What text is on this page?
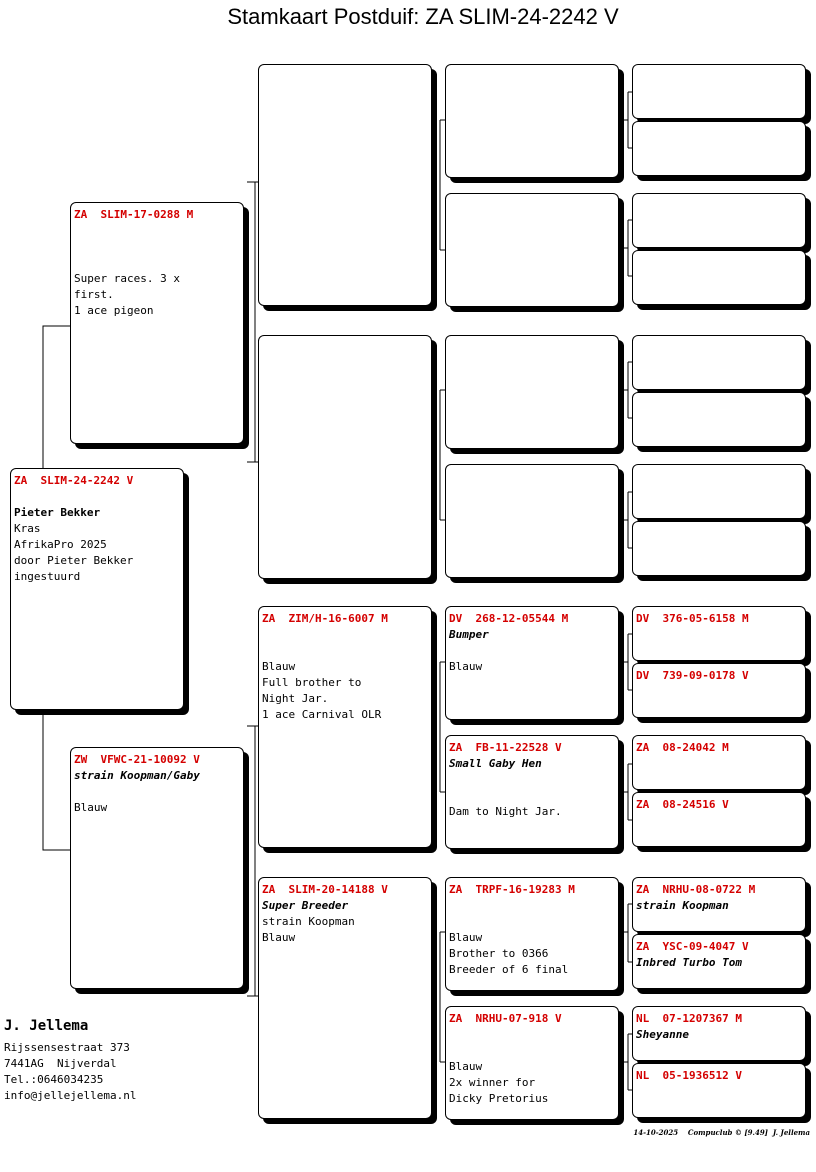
Stamkaart Postduif: ZA SLIM-24-2242 V
ZA  SLIM-24-2242 V
Pieter Bekker
Kras
AfrikaPro 2025
door Pieter Bekker
ingestuurd
ZA  SLIM-17-0288 M
Super races. 3 x
first.
1 ace pigeon
ZW  VFWC-21-10092 V
strain Koopman/Gaby
Blauw
ZA  ZIM/H-16-6007 M
Blauw
Full brother to
Night Jar.
1 ace Carnival OLR
ZA  SLIM-20-14188 V
Super Breeder
strain Koopman
Blauw
DV  268-12-05544 M
Bumper
Blauw
ZA  FB-11-22528 V
Small Gaby Hen
Dam to Night Jar.
ZA  TRPF-16-19283 M
Blauw
Brother to 0366
Breeder of 6 final
ZA  NRHU-07-918 V
Blauw
2x winner for
Dicky Pretorius
DV  376-05-6158 M
DV  739-09-0178 V
ZA  08-24042 M
ZA  08-24516 V
ZA  NRHU-08-0722 M
strain Koopman
ZA  YSC-09-4047 V
Inbred Turbo Tom
NL  07-1207367 M
Sheyanne
NL  05-1936512 V
J. Jellema
Rijssensestraat 373
7441AG  Nijverdal
Tel.:0646034235
info@jellejellema.nl
14-10-2025    Compuclub © [9.49]  J. Jellema
